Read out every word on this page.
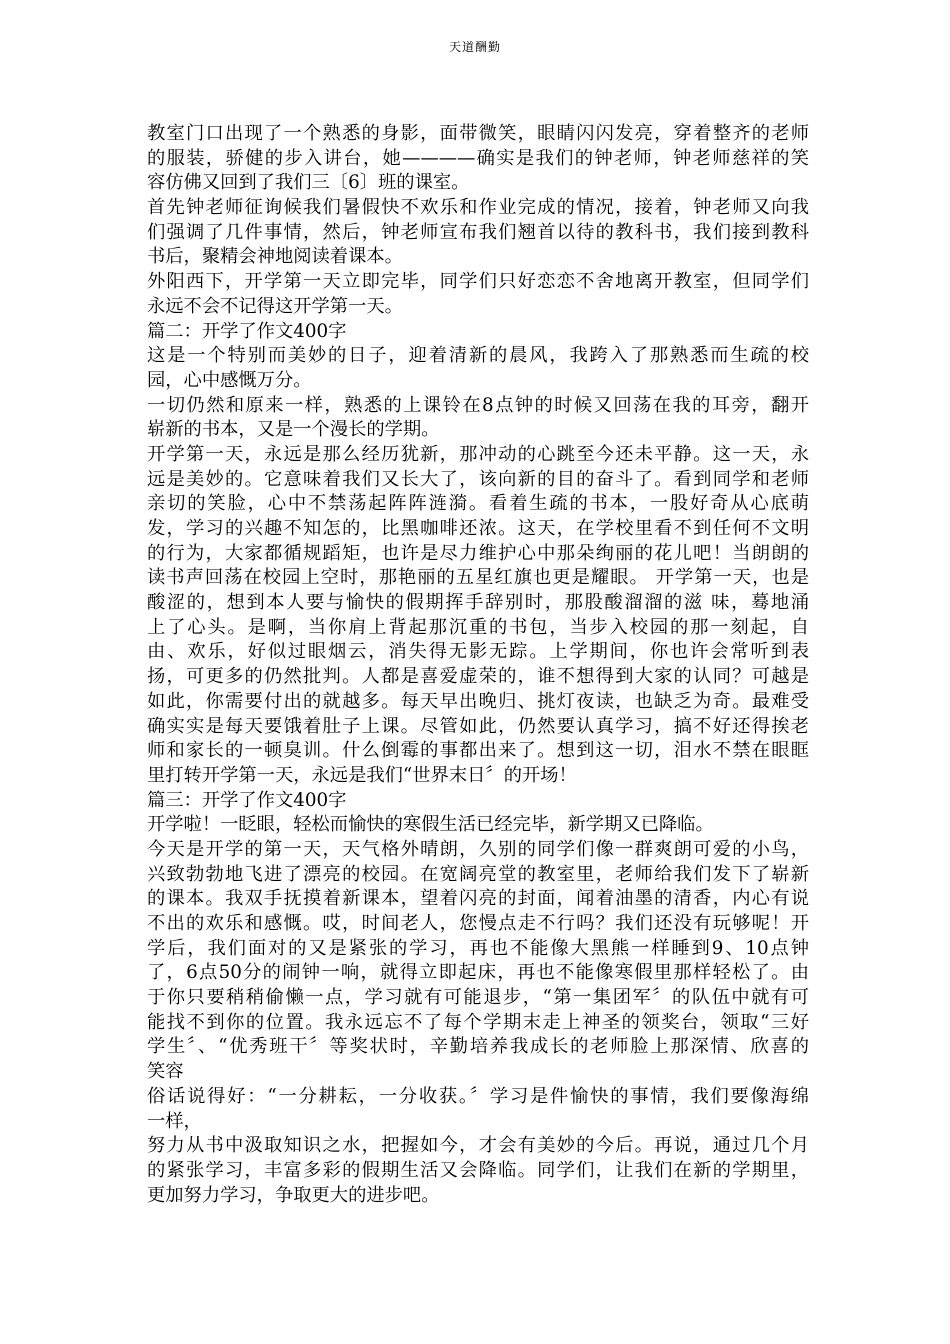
天道酬勤
教室门口出现了一个熟悉的身影，面带微笑，眼睛闪闪发亮，穿着整齐的老师
的服装，骄健的步入讲台，她————确实是我们的钟老师，钟老师慈祥的笑
容仿佛又回到了我们三〔6〕班的课室。
首先钟老师征询候我们暑假快不欢乐和作业完成的情况，接着，钟老师又向我
们强调了几件事情，然后，钟老师宣布我们翘首以待的教科书，我们接到教科
书后，聚精会神地阅读着课本。
外阳西下，开学第一天立即完毕，同学们只好恋恋不舍地离开教室，但同学们
永远不会不记得这开学第一天。
篇二：开学了作文400字
这是一个特别而美妙的日子，迎着清新的晨风，我跨入了那熟悉而生疏的校
园，心中感慨万分。
一切仍然和原来一样，熟悉的上课铃在8点钟的时候又回荡在我的耳旁，翻开
崭新的书本，又是一个漫长的学期。
开学第一天，永远是那么经历犹新，那冲动的心跳至今还未平静。这一天，永
远是美妙的。它意味着我们又长大了，该向新的目的奋斗了。看到同学和老师
亲切的笑脸，心中不禁荡起阵阵涟漪。看着生疏的书本，一股好奇从心底萌
发，学习的兴趣不知怎的，比黑咖啡还浓。这天，在学校里看不到任何不文明
的行为，大家都循规蹈矩，也许是尽力维护心中那朵绚丽的花儿吧！当朗朗的
读书声回荡在校园上空时，那艳丽的五星红旗也更是耀眼。 开学第一天，也是
酸涩的，想到本人要与愉快的假期挥手辞别时，那股酸溜溜的滋 味，蓦地涌
上了心头。是啊，当你肩上背起那沉重的书包，当步入校园的那一刻起，自
由、欢乐，好似过眼烟云，消失得无影无踪。上学期间，你也许会常听到表
扬，可更多的仍然批判。人都是喜爱虚荣的，谁不想得到大家的认同？可越是
如此，你需要付出的就越多。每天早出晚归、挑灯夜读，也缺乏为奇。最难受
确实实是每天要饿着肚子上课。尽管如此，仍然要认真学习，搞不好还得挨老
师和家长的一顿臭训。什么倒霉的事都出来了。想到这一切，泪水不禁在眼眶
里打转开学第一天，永远是我们“世界末日〞的开场！
篇三：开学了作文400字
开学啦！一眨眼，轻松而愉快的寒假生活已经完毕，新学期又已降临。
今天是开学的第一天，天气格外晴朗，久别的同学们像一群爽朗可爱的小鸟，
兴致勃勃地飞进了漂亮的校园。在宽阔亮堂的教室里，老师给我们发下了崭新
的课本。我双手抚摸着新课本，望着闪亮的封面，闻着油墨的清香，内心有说
不出的欢乐和感慨。哎，时间老人，您慢点走不行吗？我们还没有玩够呢！开
学后，我们面对的又是紧张的学习，再也不能像大黑熊一样睡到9、10点钟
了，6点50分的闹钟一响，就得立即起床，再也不能像寒假里那样轻松了。由
于你只要稍稍偷懒一点，学习就有可能退步，“第一集团军〞的队伍中就有可
能找不到你的位置。我永远忘不了每个学期末走上神圣的领奖台，领取“三好
学生〞、“优秀班干〞等奖状时，辛勤培养我成长的老师脸上那深情、欣喜的
笑容
俗话说得好：“一分耕耘，一分收获。〞学习是件愉快的事情，我们要像海绵
一样，
努力从书中汲取知识之水，把握如今，才会有美妙的今后。再说，通过几个月
的紧张学习，丰富多彩的假期生活又会降临。同学们，让我们在新的学期里，
更加努力学习，争取更大的进步吧。
